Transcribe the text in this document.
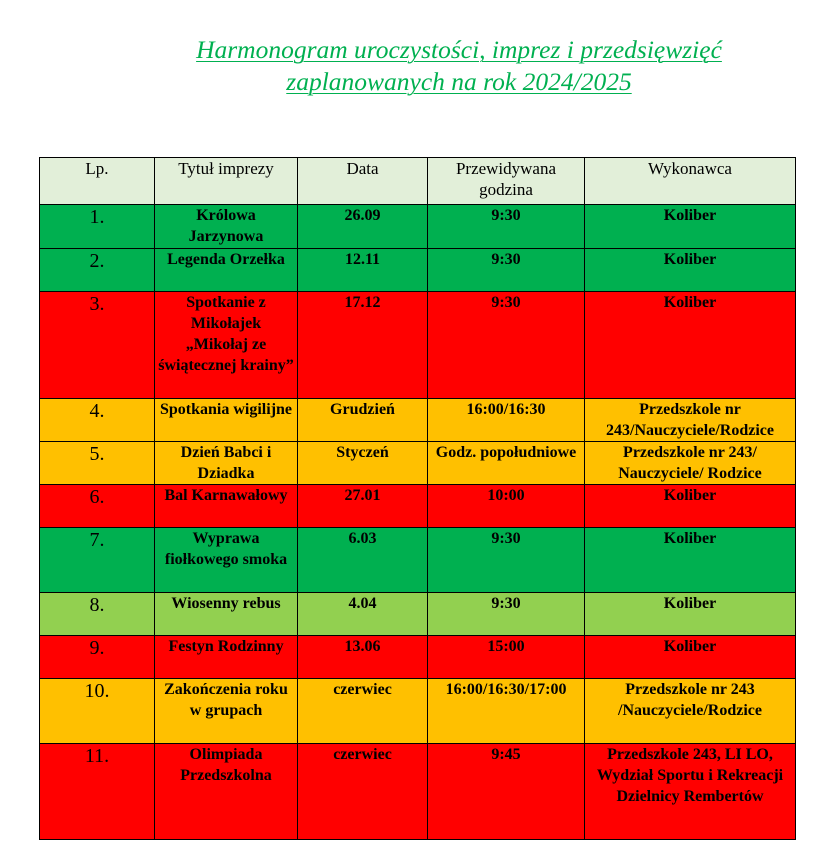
Harmonogram uroczystości, imprez i przedsięwzięć
zaplanowanych na rok 2024/2025
Lp.	Tytuł imprezy	Data	Przewidywana godzina	Wykonawca
1.	Królowa Jarzynowa	26.09	9:30	Koliber
2.	Legenda Orzełka	12.11	9:30	Koliber
3.	Spotkanie z Mikołajek „Mikołaj ze świątecznej krainy”	17.12	9:30	Koliber
4.	Spotkania wigilijne	Grudzień	16:00/16:30	Przedszkole nr 243/Nauczyciele/Rodzice
5.	Dzień Babci i Dziadka	Styczeń	Godz. popołudniowe	Przedszkole nr 243/ Nauczyciele/ Rodzice
6.	Bal Karnawałowy	27.01	10:00	Koliber
7.	Wyprawa fiołkowego smoka	6.03	9:30	Koliber
8.	Wiosenny rebus	4.04	9:30	Koliber
9.	Festyn Rodzinny	13.06	15:00	Koliber
10.	Zakończenia roku w grupach	czerwiec	16:00/16:30/17:00	Przedszkole nr 243 /Nauczyciele/Rodzice
11.	Olimpiada Przedszkolna	czerwiec	9:45	Przedszkole 243, LI LO, Wydział Sportu i Rekreacji Dzielnicy Rembertów
